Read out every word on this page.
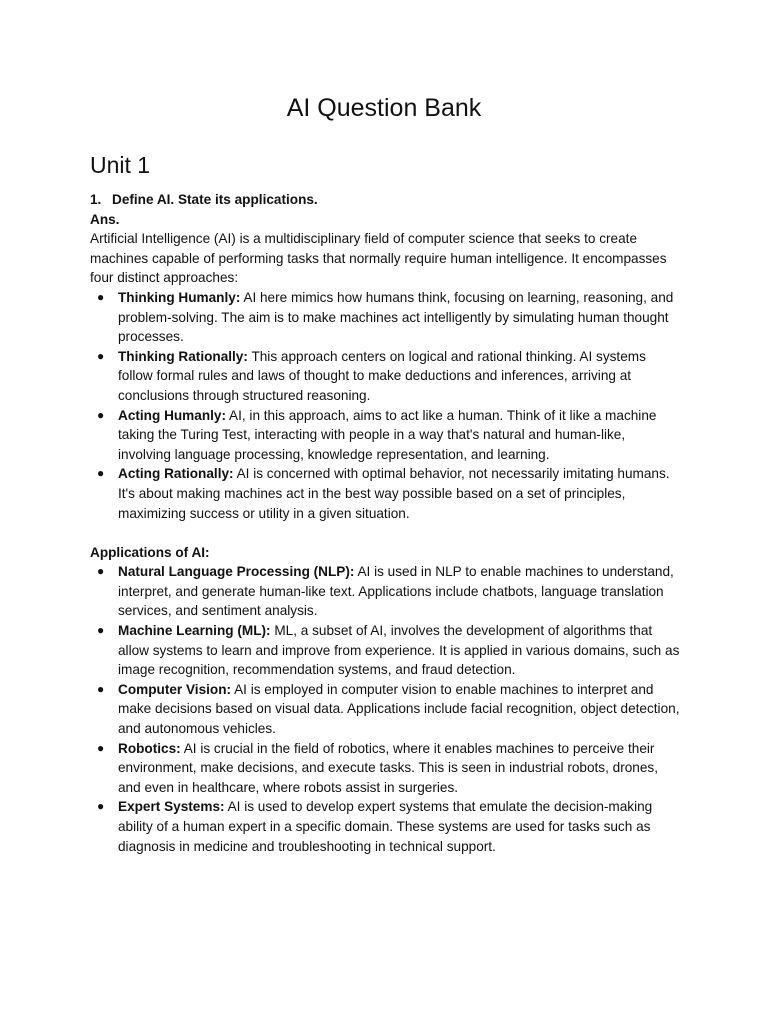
AI Question Bank
Unit 1

1. Define AI. State its applications.

Ans.

Artificial Intelligence (AI) is a multidisciplinary field of computer science that seeks to create machines capable of performing tasks that normally require human intelligence. It encompasses four distinct approaches:

● Thinking Humanly: AI here mimics how humans think, focusing on learning, reasoning, and problem-solving. The aim is to make machines act intelligently by simulating human thought processes.
● Thinking Rationally: This approach centers on logical and rational thinking. AI systems follow formal rules and laws of thought to make deductions and inferences, arriving at conclusions through structured reasoning.
● Acting Humanly: AI, in this approach, aims to act like a human. Think of it like a machine taking the Turing Test, interacting with people in a way that's natural and human-like, involving language processing, knowledge representation, and learning.
● Acting Rationally: AI is concerned with optimal behavior, not necessarily imitating humans. It's about making machines act in the best way possible based on a set of principles, maximizing success or utility in a given situation.

Applications of AI:

● Natural Language Processing (NLP): AI is used in NLP to enable machines to understand, interpret, and generate human-like text. Applications include chatbots, language translation services, and sentiment analysis.
● Machine Learning (ML): ML, a subset of AI, involves the development of algorithms that allow systems to learn and improve from experience. It is applied in various domains, such as image recognition, recommendation systems, and fraud detection.
● Computer Vision: AI is employed in computer vision to enable machines to interpret and make decisions based on visual data. Applications include facial recognition, object detection, and autonomous vehicles.
● Robotics: AI is crucial in the field of robotics, where it enables machines to perceive their environment, make decisions, and execute tasks. This is seen in industrial robots, drones, and even in healthcare, where robots assist in surgeries.
● Expert Systems: AI is used to develop expert systems that emulate the decision-making ability of a human expert in a specific domain. These systems are used for tasks such as diagnosis in medicine and troubleshooting in technical support.
